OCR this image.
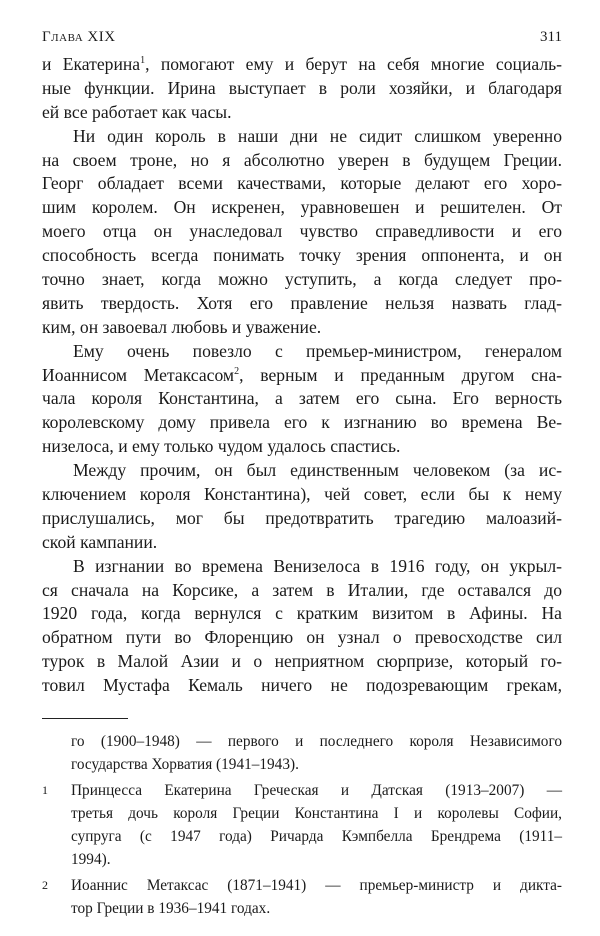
Глава XIX	311
и Екатерина$^1$, помогают ему и берут на себя многие социаль-
ные функции. Ирина выступает в роли хозяйки, и благодаря
ей все работает как часы.
Ни один король в наши дни не сидит слишком уверенно
на своем троне, но я абсолютно уверен в будущем Греции.
Георг обладает всеми качествами, которые делают его хоро-
шим королем. Он искренен, уравновешен и решителен. От
моего отца он унаследовал чувство справедливости и его
способность всегда понимать точку зрения оппонента, и он
точно знает, когда можно уступить, а когда следует про-
явить твердость. Хотя его правление нельзя назвать глад-
ким, он завоевал любовь и уважение.
Ему очень повезло с премьер-министром, генералом
Иоаннисом Метаксасом$^2$, верным и преданным другом сна-
чала короля Константина, а затем его сына. Его верность
королевскому дому привела его к изгнанию во времена Ве-
низелоса, и ему только чудом удалось спастись.
Между прочим, он был единственным человеком (за ис-
ключением короля Константина), чей совет, если бы к нему
прислушались, мог бы предотвратить трагедию малоазий-
ской кампании.
В изгнании во времена Венизелоса в 1916 году, он укрыл-
ся сначала на Корсике, а затем в Италии, где оставался до
1920 года, когда вернулся с кратким визитом в Афины. На
обратном пути во Флоренцию он узнал о превосходстве сил
турок в Малой Азии и о неприятном сюрпризе, который го-
товил Мустафа Кемаль ничего не подозревающим грекам,
го (1900–1948) — первого и последнего короля Независимого
государства Хорватия (1941–1943).
1 Принцесса Екатерина Греческая и Датская (1913–2007) —
третья дочь короля Греции Константина I и королевы Софии,
супруга (с 1947 года) Ричарда Кэмпбелла Брендрема (1911–
1994).
2 Иоаннис Метаксас (1871–1941) — премьер-министр и дикта-
тор Греции в 1936–1941 годах.
